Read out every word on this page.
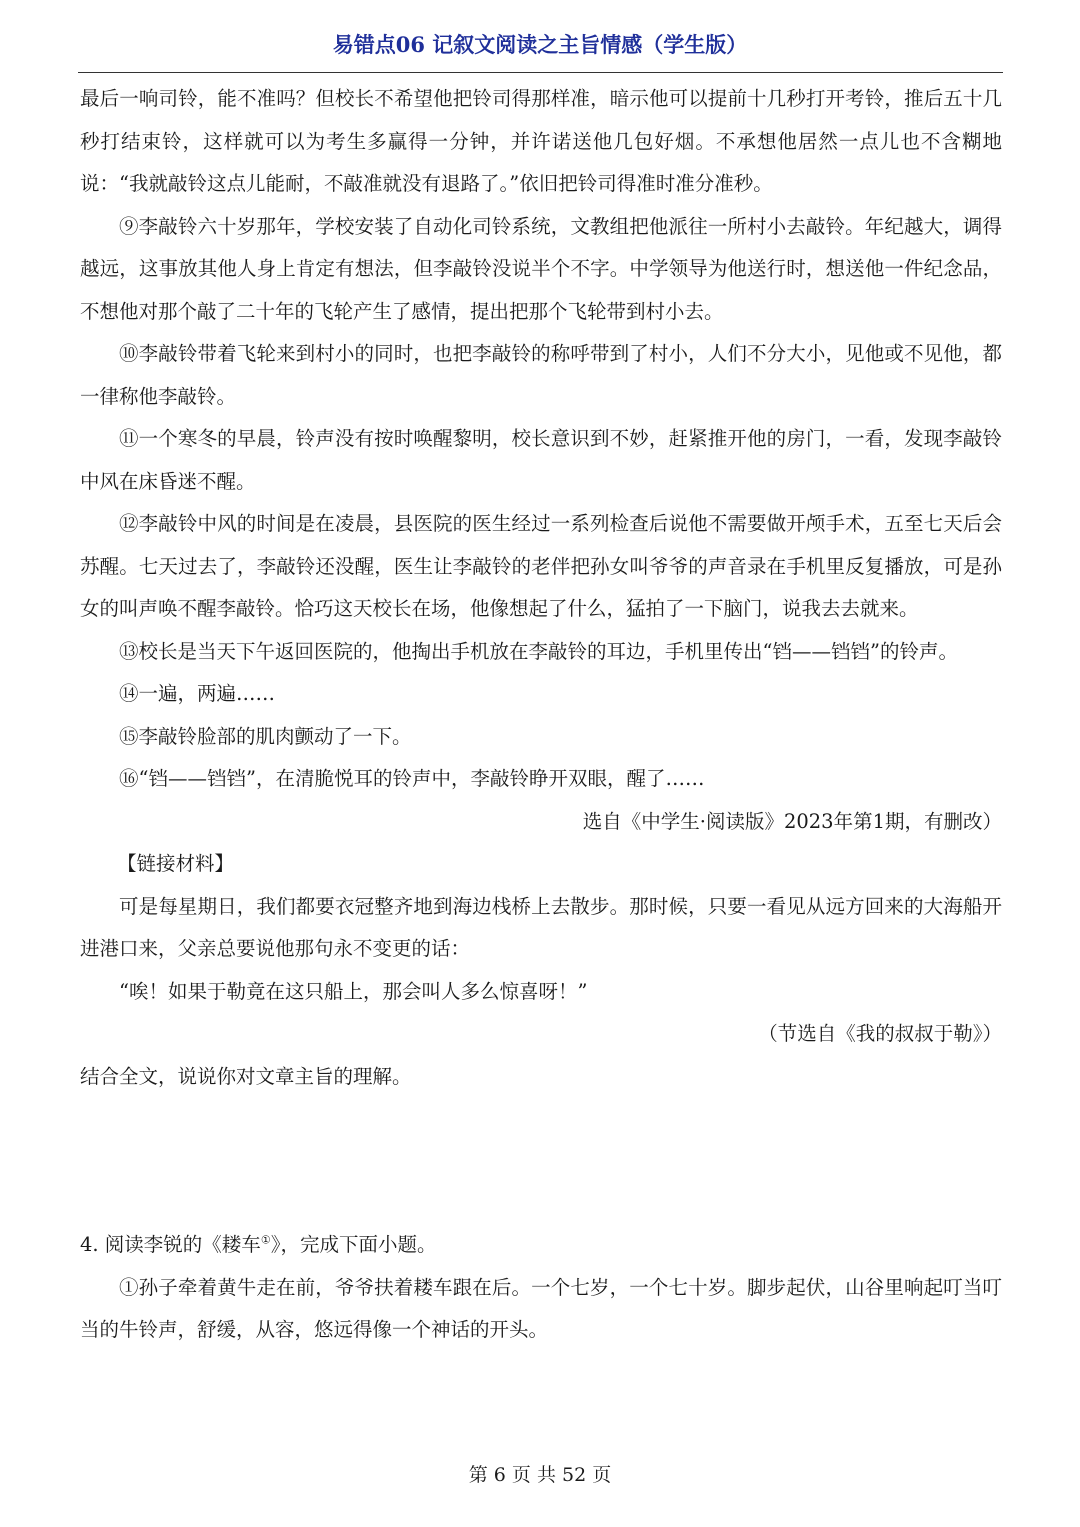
易错点06 记叙文阅读之主旨情感（学生版）

最后一响司铃，能不准吗？但校长不希望他把铃司得那样准，暗示他可以提前十几秒打开考铃，推后五十几秒打结束铃，这样就可以为考生多赢得一分钟，并许诺送他几包好烟。不承想他居然一点儿也不含糊地说：“我就敲铃这点儿能耐，不敲准就没有退路了。”依旧把铃司得准时准分准秒。

⑨李敲铃六十岁那年，学校安装了自动化司铃系统，文教组把他派往一所村小去敲铃。年纪越大，调得越远，这事放其他人身上肯定有想法，但李敲铃没说半个不字。中学领导为他送行时，想送他一件纪念品，不想他对那个敲了二十年的飞轮产生了感情，提出把那个飞轮带到村小去。

⑩李敲铃带着飞轮来到村小的同时，也把李敲铃的称呼带到了村小，人们不分大小，见他或不见他，都一律称他李敲铃。

⑪一个寒冬的早晨，铃声没有按时唤醒黎明，校长意识到不妙，赶紧推开他的房门，一看，发现李敲铃中风在床昏迷不醒。

⑫李敲铃中风的时间是在凌晨，县医院的医生经过一系列检查后说他不需要做开颅手术，五至七天后会苏醒。七天过去了，李敲铃还没醒，医生让李敲铃的老伴把孙女叫爷爷的声音录在手机里反复播放，可是孙女的叫声唤不醒李敲铃。恰巧这天校长在场，他像想起了什么，猛拍了一下脑门，说我去去就来。

⑬校长是当天下午返回医院的，他掏出手机放在李敲铃的耳边，手机里传出“铛——铛铛”的铃声。

⑭一遍，两遍……

⑮李敲铃脸部的肌肉颤动了一下。

⑯“铛——铛铛”，在清脆悦耳的铃声中，李敲铃睁开双眼，醒了……

选自《中学生·阅读版》2023年第1期，有删改）

【链接材料】

可是每星期日，我们都要衣冠整齐地到海边栈桥上去散步。那时候，只要一看见从远方回来的大海船开进港口来，父亲总要说他那句永不变更的话：

“唉！如果于勒竟在这只船上，那会叫人多么惊喜呀！”

（节选自《我的叔叔于勒》）

结合全文，说说你对文章主旨的理解。

4. 阅读李锐的《耧车①》，完成下面小题。

①孙子牵着黄牛走在前，爷爷扶着耧车跟在后。一个七岁，一个七十岁。脚步起伏，山谷里响起叮当叮当的牛铃声，舒缓，从容，悠远得像一个神话的开头。

第 6 页 共 52 页
